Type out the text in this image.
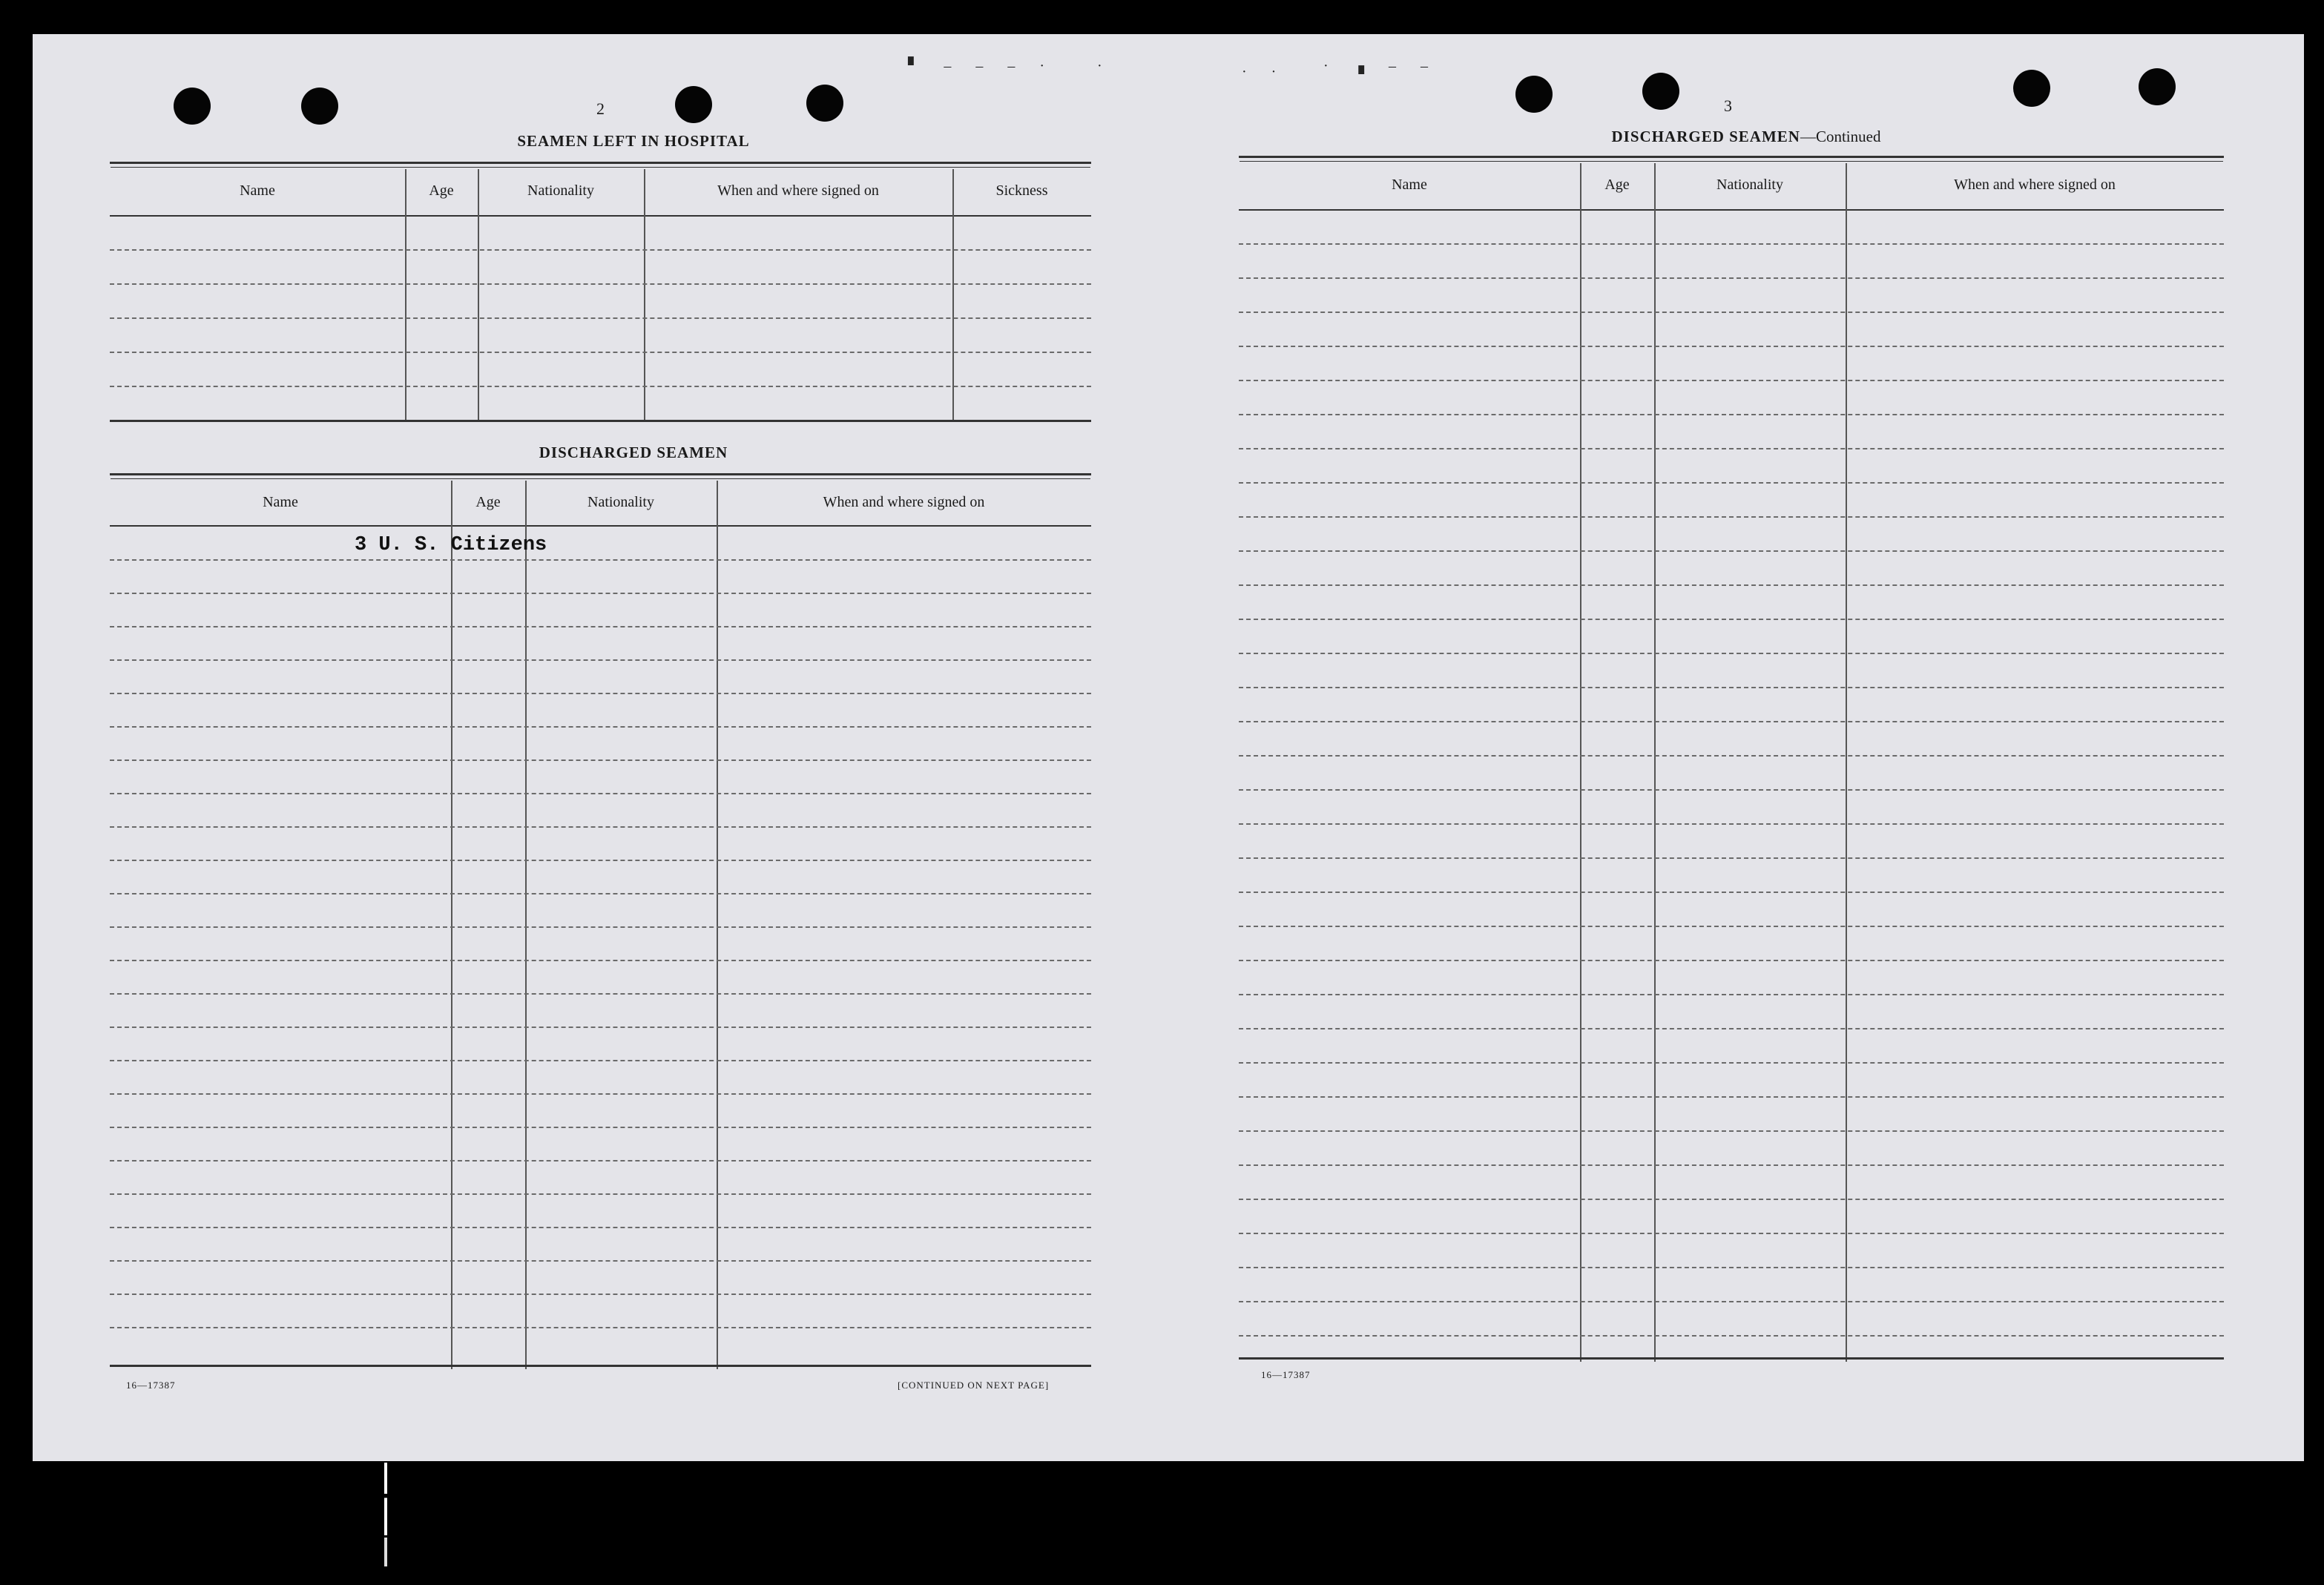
▘ ‒ ‒ ‒ ·   ·	· · · ▗ ‒ ‒
2
SEAMEN LEFT IN HOSPITAL
Name	Age	Nationality	When and where signed on	Sickness
DISCHARGED SEAMEN
Name	Age	Nationality	When and where signed on
3 U. S. Citizens
16—17387	[CONTINUED ON NEXT PAGE]
3
DISCHARGED SEAMEN—Continued
Name	Age	Nationality	When and where signed on
16—17387
